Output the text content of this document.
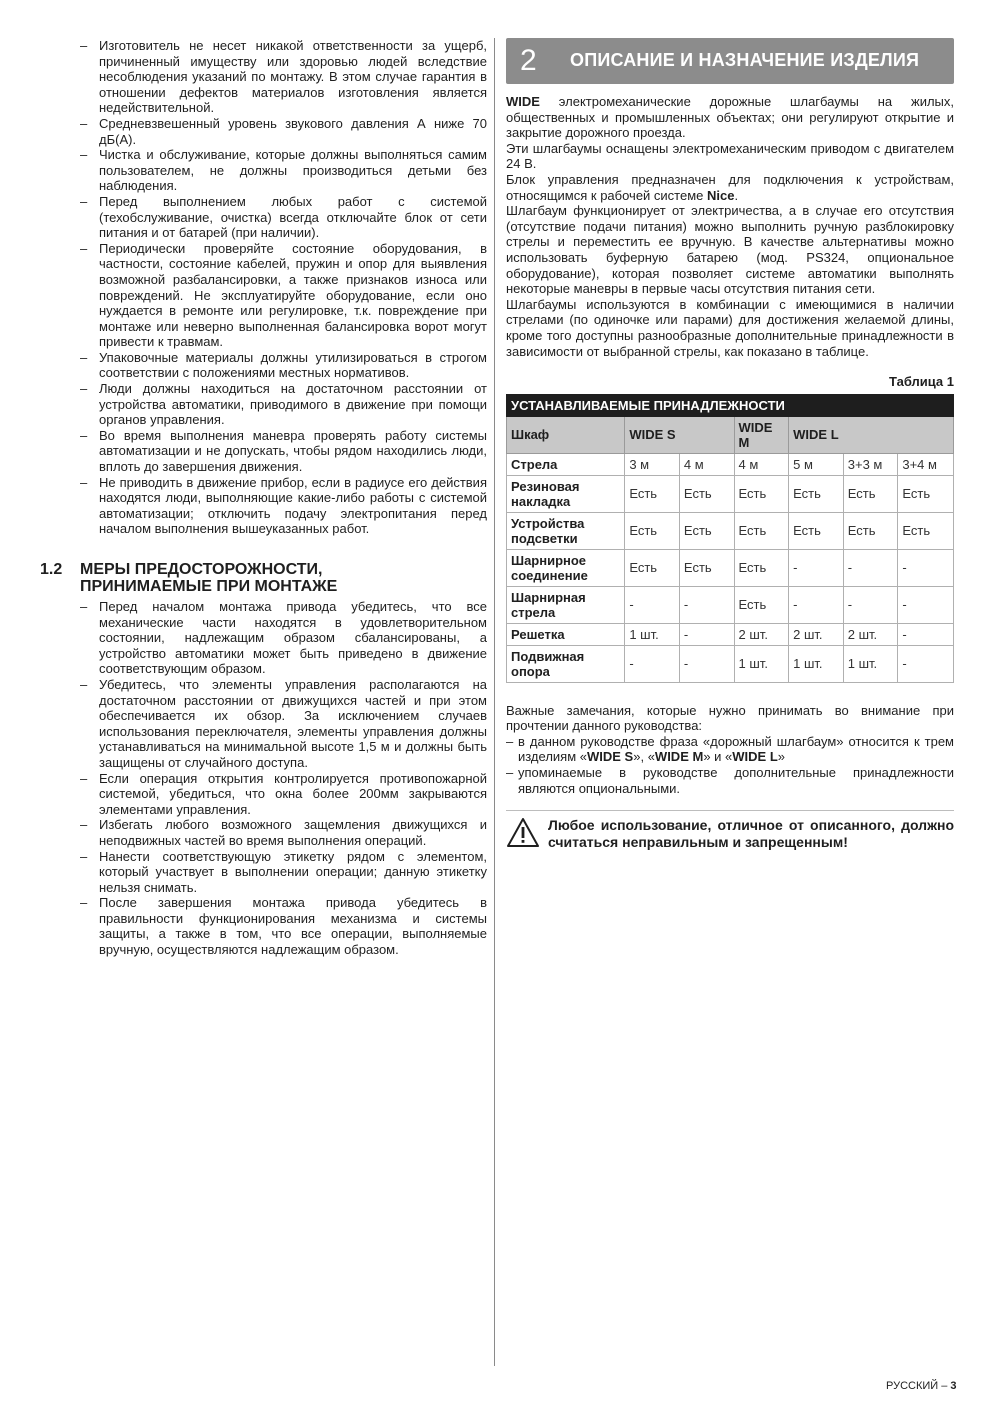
– Изготовитель не несет никакой ответственности за ущерб, причиненный имуществу или здоровью людей вследствие несоблюдения указаний по монтажу. В этом случае гарантия в отношении дефектов материалов изготовления является недействительной.

– Средневзвешенный уровень звукового давления А ниже 70 дБ(А).

– Чистка и обслуживание, которые должны выполняться самим пользователем, не должны производиться детьми без наблюдения.

– Перед выполнением любых работ с системой (техобслуживание, очистка) всегда отключайте блок от сети питания и от батарей (при наличии).

– Периодически проверяйте состояние оборудования, в частности, состояние кабелей, пружин и опор для выявления возможной разбалансировки, а также признаков износа или повреждений. Не эксплуатируйте оборудование, если оно нуждается в ремонте или регулировке, т.к. повреждение при монтаже или неверно выполненная балансировка ворот могут привести к травмам.

– Упаковочные материалы должны утилизироваться в строгом соответствии с положениями местных нормативов.

– Люди должны находиться на достаточном расстоянии от устройства автоматики, приводимого в движение при помощи органов управления.

– Во время выполнения маневра проверять работу системы автоматизации и не допускать, чтобы рядом находились люди, вплоть до завершения движения.

– Не приводить в движение прибор, если в радиусе его действия находятся люди, выполняющие какие-либо работы с системой автоматизации; отключить подачу электропитания перед началом выполнения вышеуказанных работ.

1.2	МЕРЫ ПРЕДОСТОРОЖНОСТИ,
ПРИНИМАЕМЫЕ ПРИ МОНТАЖЕ

– Перед началом монтажа привода убедитесь, что все механические части находятся в удовлетворительном состоянии, надлежащим образом сбалансированы, а устройство автоматики может быть приведено в движение соответствующим образом.

– Убедитесь, что элементы управления располагаются на достаточном расстоянии от движущихся частей и при этом обеспечивается их обзор. За исключением случаев использования переключателя, элементы управления должны устанавливаться на минимальной высоте 1,5 м и должны быть защищены от случайного доступа.

– Если операция открытия контролируется противопожарной системой, убедиться, что окна более 200мм закрываются элементами управления.

– Избегать любого возможного защемления движущихся и неподвижных частей во время выполнения операций.

– Нанести соответствующую этикетку рядом с элементом, который участвует в выполнении операции; данную этикетку нельзя снимать.

– После завершения монтажа привода убедитесь в правильности функционирования механизма и системы защиты, а также в том, что все операции, выполняемые вручную, осуществляются надлежащим образом.

2	ОПИСАНИЕ И НАЗНАЧЕНИЕ ИЗДЕЛИЯ

WIDE электромеханические дорожные шлагбаумы на жилых, общественных и промышленных объектах; они регулируют открытие и закрытие дорожного проезда.

Эти шлагбаумы оснащены электромеханическим приводом с двигателем 24 В.

Блок управления предназначен для подключения к устройствам, относящимся к рабочей системе Nice.

Шлагбаум функционирует от электричества, а в случае его отсутствия (отсутствие подачи питания) можно выполнить ручную разблокировку стрелы и переместить ее вручную. В качестве альтернативы можно использовать буферную батарею (мод. PS324, опциональное оборудование), которая позволяет системе автоматики выполнять некоторые маневры в первые часы отсутствия питания сети.

Шлагбаумы используются в комбинации с имеющимися в наличии стрелами (по одиночке или парами) для достижения желаемой длины, кроме того доступны разнообразные дополнительные принадлежности в зависимости от выбранной стрелы, как показано в таблице.

Таблица 1
УСТАНАВЛИВАЕМЫЕ ПРИНАДЛЕЖНОСТИ						
Шкаф	WIDE S		WIDE M	WIDE L		
Стрела	3 м	4 м	4 м	5 м	3+3 м	3+4 м
Резиновая накладка	Есть	Есть	Есть	Есть	Есть	Есть
Устройства подсветки	Есть	Есть	Есть	Есть	Есть	Есть
Шарнирное соединение	Есть	Есть	Есть	-	-	-
Шарнирная стрела	-	-	Есть	-	-	-
Решетка	1 шт.	-	2 шт.	2 шт.	2 шт.	-
Подвижная опора	-	-	1 шт.	1 шт.	1 шт.	-

Важные замечания, которые нужно принимать во внимание при прочтении данного руководства:

– в данном руководстве фраза «дорожный шлагбаум» относится к трем изделиям «WIDE S», «WIDE M» и «WIDE L»

– упоминаемые в руководстве дополнительные принадлежности являются опциональными.

Любое использование, отличное от описанного, должно считаться неправильным и запрещенным!
РУССКИЙ – 3
